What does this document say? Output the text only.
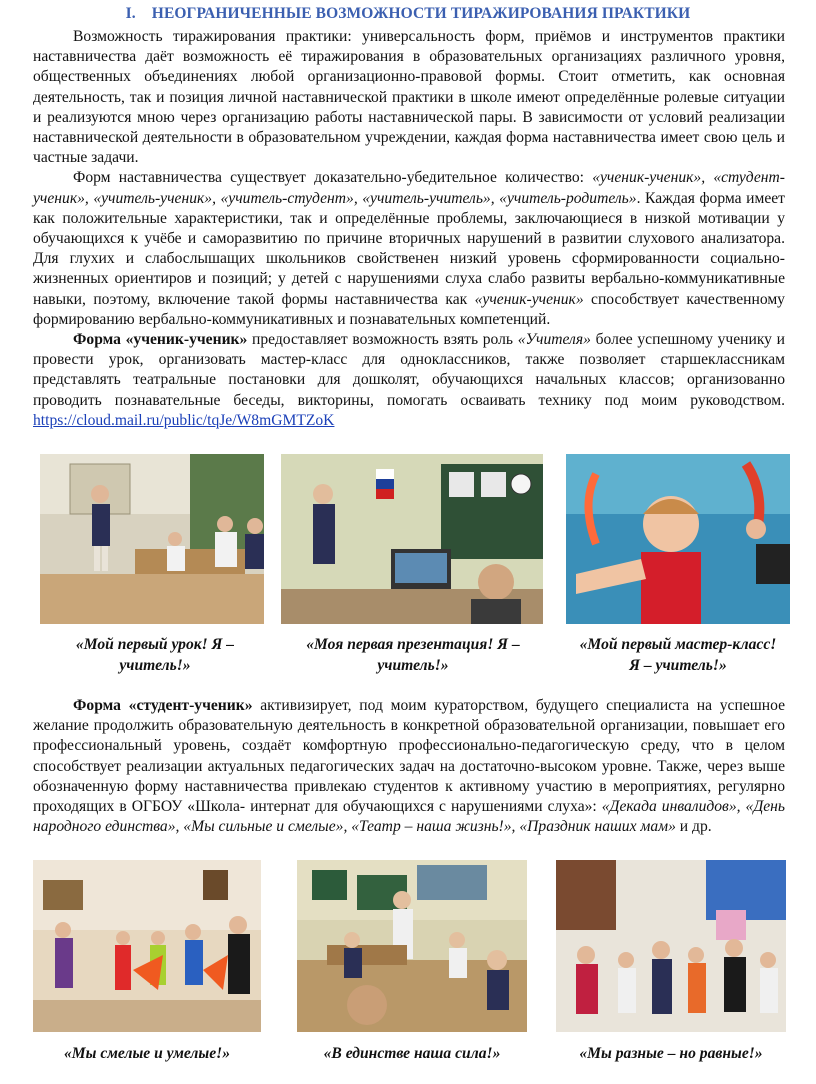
I. НЕОГРАНИЧЕННЫЕ ВОЗМОЖНОСТИ ТИРАЖИРОВАНИЯ ПРАКТИКИ

Возможность тиражирования практики: универсальность форм, приёмов и инструментов практики наставничества даёт возможность её тиражирования в образовательных организациях различного уровня, общественных объединениях любой организационно-правовой формы. Стоит отметить, как основная деятельность, так и позиция личной наставнической практики в школе имеют определённые ролевые ситуации и реализуются мною через организацию работы наставнической пары. В зависимости от условий реализации наставнической деятельности в образовательном учреждении, каждая форма наставничества имеет свою цель и частные задачи.

Форм наставничества существует доказательно-убедительное количество: «ученик-ученик», «студент-ученик», «учитель-ученик», «учитель-студент», «учитель-учитель», «учитель-родитель». Каждая форма имеет как положительные характеристики, так и определённые проблемы, заключающиеся в низкой мотивации у обучающихся к учёбе и саморазвитию по причине вторичных нарушений в развитии слухового анализатора. Для глухих и слабослышащих школьников свойственен низкий уровень сформированности социально-жизненных ориентиров и позиций; у детей с нарушениями слуха слабо развиты вербально-коммуникативные навыки, поэтому, включение такой формы наставничества как «ученик-ученик» способствует качественному формированию вербально-коммуникативных и познавательных компетенций.

Форма «ученик-ученик» предоставляет возможность взять роль «Учителя» более успешному ученику и провести урок, организовать мастер-класс для одноклассников, также позволяет старшеклассникам представлять театральные постановки для дошколят, обучающихся начальных классов; организованно проводить познавательные беседы, викторины, помогать осваивать технику под моим руководством. https://cloud.mail.ru/public/tqJe/W8mGMTZoK

«Мой первый урок! Я – учитель!»
«Моя первая презентация! Я – учитель!»
«Мой первый мастер-класс! Я – учитель!»

Форма «студент-ученик» активизирует, под моим кураторством, будущего специалиста на успешное желание продолжить образовательную деятельность в конкретной образовательной организации, повышает его профессиональный уровень, создаёт комфортную профессионально-педагогическую среду, что в целом способствует реализации актуальных педагогических задач на достаточно-высоком уровне. Также, через выше обозначенную форму наставничества привлекаю студентов к активному участию в мероприятиях, регулярно проходящих в ОГБОУ «Школа- интернат для обучающихся с нарушениями слуха»: «Декада инвалидов», «День народного единства», «Мы сильные и смелые», «Театр – наша жизнь!», «Праздник наших мам» и др.

«Мы смелые и умелые!»	«В единстве наша сила!»	«Мы разные – но равные!»
